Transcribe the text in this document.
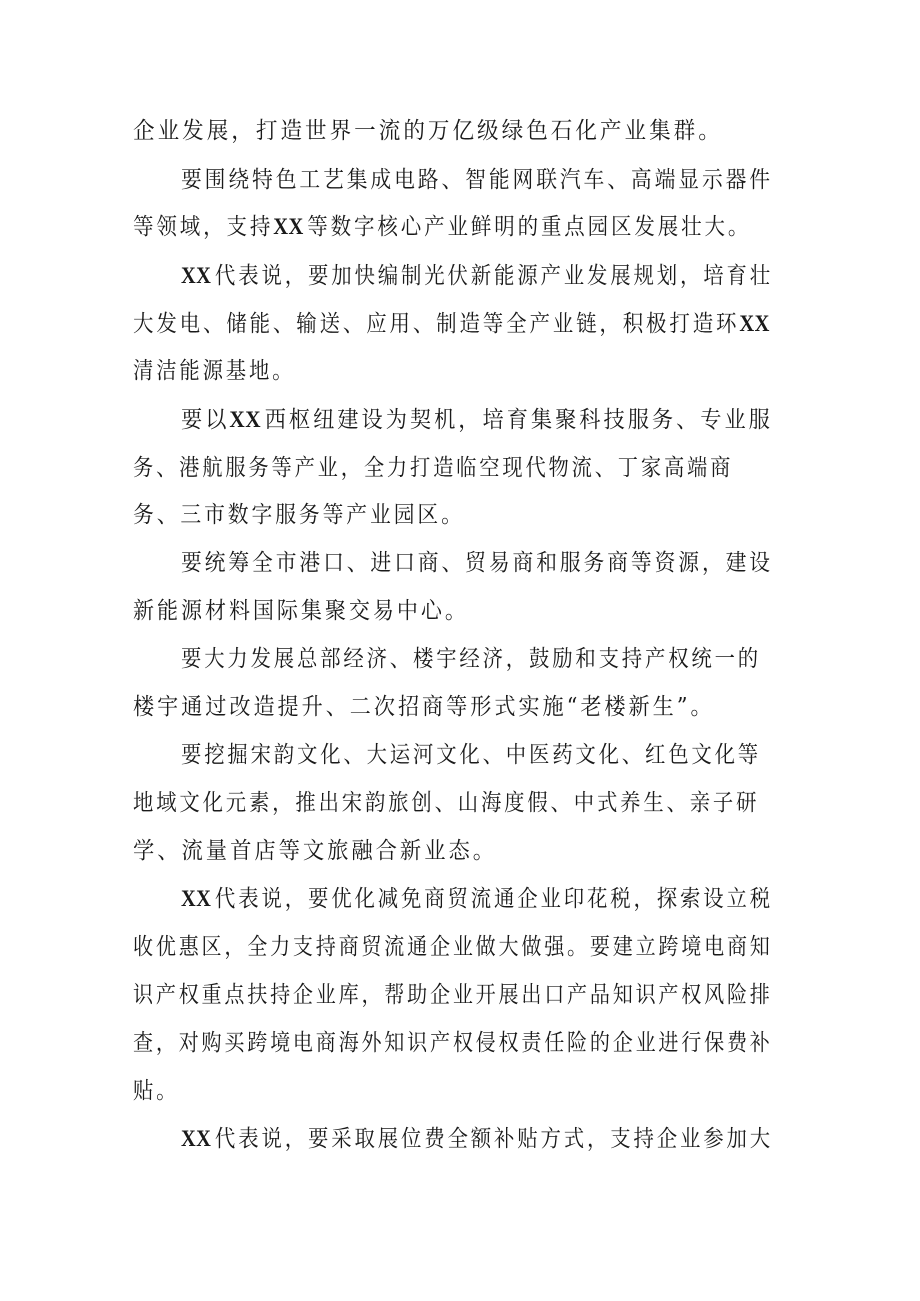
企业发展，打造世界一流的万亿级绿色石化产业集群。
要围绕特色工艺集成电路、智能网联汽车、高端显示器件
等领域，支持XX 等数字核心产业鲜明的重点园区发展壮大。
XX 代表说，要加快编制光伏新能源产业发展规划，培育壮
大发电、储能、输送、应用、制造等全产业链，积极打造环XX
清洁能源基地。
要以XX 西枢纽建设为契机，培育集聚科技服务、专业服
务、港航服务等产业，全力打造临空现代物流、丁家高端商
务、三市数字服务等产业园区。
要统筹全市港口、进口商、贸易商和服务商等资源，建设
新能源材料国际集聚交易中心。
要大力发展总部经济、楼宇经济，鼓励和支持产权统一的
楼宇通过改造提升、二次招商等形式实施“老楼新生”。
要挖掘宋韵文化、大运河文化、中医药文化、红色文化等
地域文化元素，推出宋韵旅创、山海度假、中式养生、亲子研
学、流量首店等文旅融合新业态。
XX 代表说，要优化减免商贸流通企业印花税，探索设立税
收优惠区，全力支持商贸流通企业做大做强。要建立跨境电商知
识产权重点扶持企业库，帮助企业开展出口产品知识产权风险排
查，对购买跨境电商海外知识产权侵权责任险的企业进行保费补
贴。
XX 代表说，要采取展位费全额补贴方式，支持企业参加大
